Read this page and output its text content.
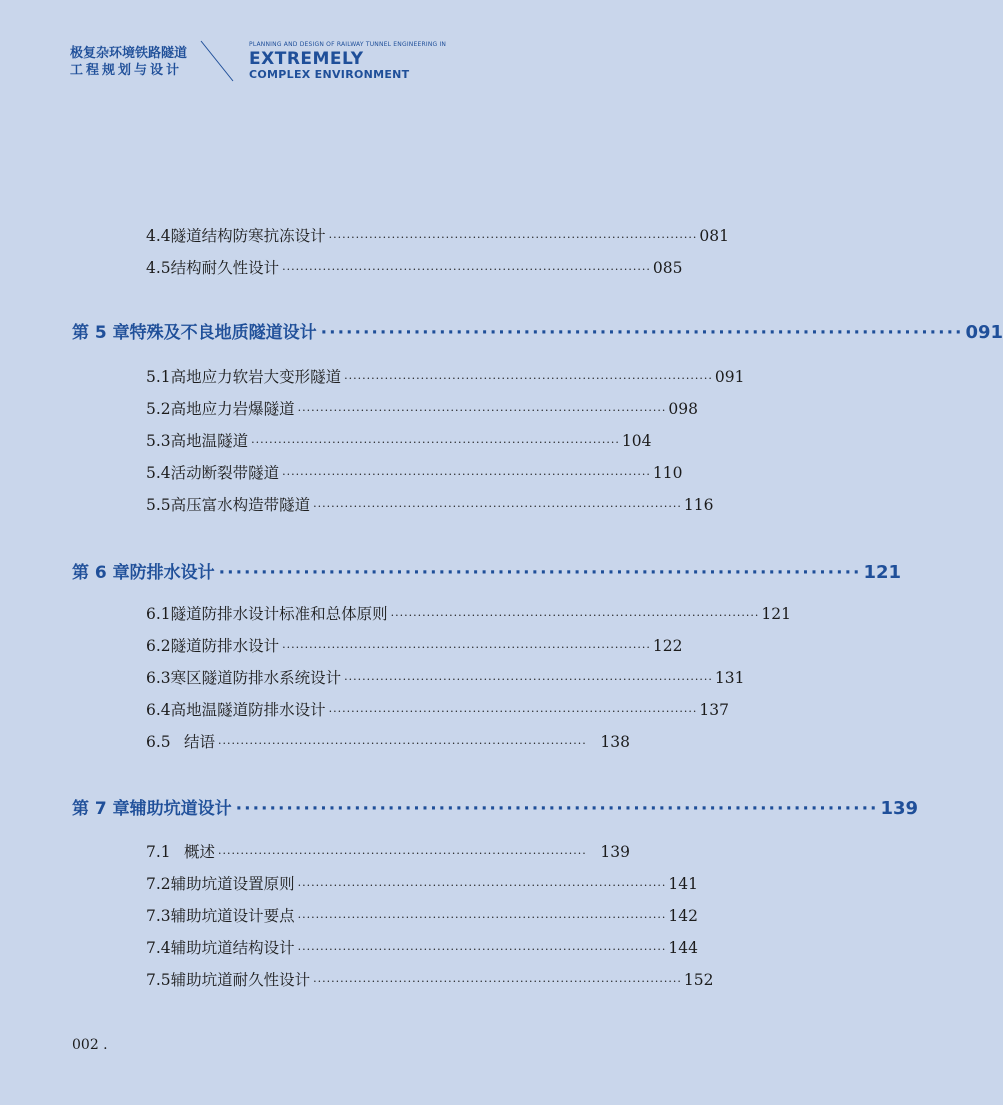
极复杂环境铁路隧道
工程规划与设计
PLANNING AND DESIGN OF RAILWAY TUNNEL ENGINEERING IN
EXTREMELY
COMPLEX ENVIRONMENT
4.4 隧道结构防寒抗冻设计 ·················································································· 081
4.5 结构耐久性设计 ·················································································· 085
第 5 章 特殊及不良地质隧道设计 ············································································ 091
5.1 高地应力软岩大变形隧道 ·················································································· 091
5.2 高地应力岩爆隧道 ·················································································· 098
5.3 高地温隧道 ·················································································· 104
5.4 活动断裂带隧道 ·················································································· 110
5.5 高压富水构造带隧道 ·················································································· 116
第 6 章 防排水设计 ············································································ 121
6.1 隧道防排水设计标准和总体原则 ·················································································· 121
6.2 隧道防排水设计 ·················································································· 122
6.3 寒区隧道防排水系统设计 ·················································································· 131
6.4 高地温隧道防排水设计 ·················································································· 137
6.5 结语 ·················································································· 138
第 7 章 辅助坑道设计 ············································································ 139
7.1 概述 ·················································································· 139
7.2 辅助坑道设置原则 ·················································································· 141
7.3 辅助坑道设计要点 ·················································································· 142
7.4 辅助坑道结构设计 ·················································································· 144
7.5 辅助坑道耐久性设计 ·················································································· 152
002 .
